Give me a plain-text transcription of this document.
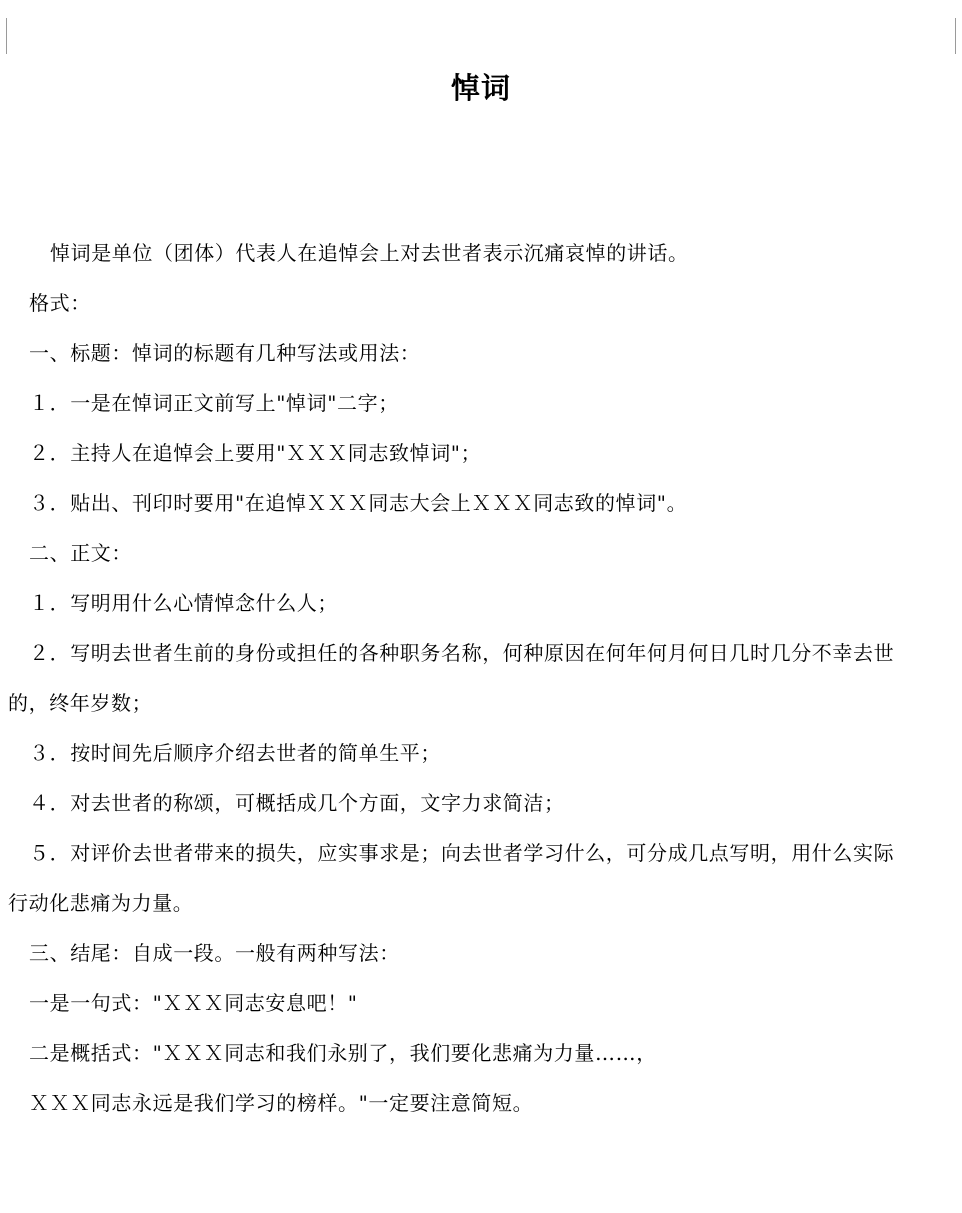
悼词
悼词是单位（团体）代表人在追悼会上对去世者表示沉痛哀悼的讲话。
格式：
一、标题：悼词的标题有几种写法或用法：
１．一是在悼词正文前写上"悼词"二字；
２．主持人在追悼会上要用"ＸＸＸ同志致悼词"；
３．贴出、刊印时要用"在追悼ＸＸＸ同志大会上ＸＸＸ同志致的悼词"。
二、正文：
１．写明用什么心情悼念什么人；
２．写明去世者生前的身份或担任的各种职务名称，何种原因在何年何月何日几时几分不幸去世
的，终年岁数；
３．按时间先后顺序介绍去世者的简单生平；
４．对去世者的称颂，可概括成几个方面，文字力求简洁；
５．对评价去世者带来的损失，应实事求是；向去世者学习什么，可分成几点写明，用什么实际
行动化悲痛为力量。
三、结尾：自成一段。一般有两种写法：
一是一句式："ＸＸＸ同志安息吧！"
二是概括式："ＸＸＸ同志和我们永别了，我们要化悲痛为力量……，
ＸＸＸ同志永远是我们学习的榜样。"一定要注意简短。
